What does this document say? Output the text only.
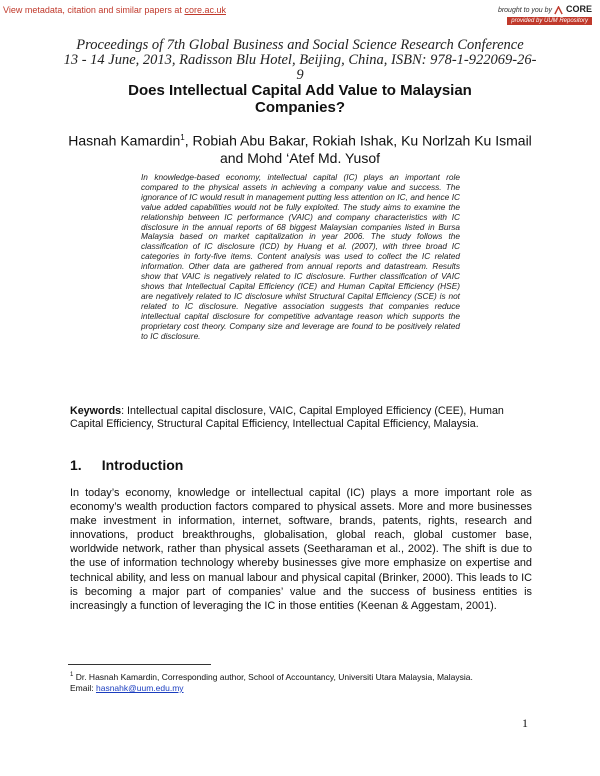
View metadata, citation and similar papers at core.ac.uk	brought to you by CORE
provided by UUM Repository
Proceedings of 7th Global Business and Social Science Research Conference
13 - 14 June, 2013, Radisson Blu Hotel, Beijing, China, ISBN: 978-1-922069-26-9
Does Intellectual Capital Add Value to Malaysian Companies?
Hasnah Kamardin$^1$, Robiah Abu Bakar, Rokiah Ishak, Ku Norlzah Ku Ismail
and Mohd ‘Atef Md. Yusof
In knowledge-based economy, intellectual capital (IC) plays an important role compared to the physical assets in achieving a company value and success. The ignorance of IC would result in management putting less attention on IC, and hence IC value added capabilities would not be fully exploited. The study aims to examine the relationship between IC performance (VAIC) and company characteristics with IC disclosure in the annual reports of 68 biggest Malaysian companies listed in Bursa Malaysia based on market capitalization in year 2006. The study follows the classification of IC disclosure (ICD) by Huang et al. (2007), with three broad IC categories in forty-five items. Content analysis was used to collect the IC related information. Other data are gathered from annual reports and datastream. Results show that VAIC is negatively related to IC disclosure. Further classification of VAIC shows that Intellectual Capital Efficiency (ICE) and Human Capital Efficiency (HSE) are negatively related to IC disclosure whilst Structural Capital Efficiency (SCE) is not related to IC disclosure. Negative association suggests that companies reduce intellectual capital disclosure for competitive advantage reason which supports the proprietary cost theory. Company size and leverage are found to be positively related to IC disclosure.
Keywords: Intellectual capital disclosure, VAIC, Capital Employed Efficiency (CEE), Human Capital Efficiency, Structural Capital Efficiency, Intellectual Capital Efficiency, Malaysia.
1. Introduction
In today’s economy, knowledge or intellectual capital (IC) plays a more important role as economy’s wealth production factors compared to physical assets. More and more businesses make investment in information, internet, software, brands, patents, rights, research and innovations, product breakthroughs, globalisation, global reach, global customer base, worldwide network, rather than physical assets (Seetharaman et al., 2002). The shift is due to the use of information technology whereby businesses give more emphasize on expertise and technical ability, and less on manual labour and physical capital (Brinker, 2000). This leads to IC is becoming a major part of companies’ value and the success of business entities is increasingly a function of leveraging the IC in those entities (Keenan & Aggestam, 2001).
$^1$ Dr. Hasnah Kamardin, Corresponding author, School of Accountancy, Universiti Utara Malaysia, Malaysia. Email: hasnahk@uum.edu.my
1
